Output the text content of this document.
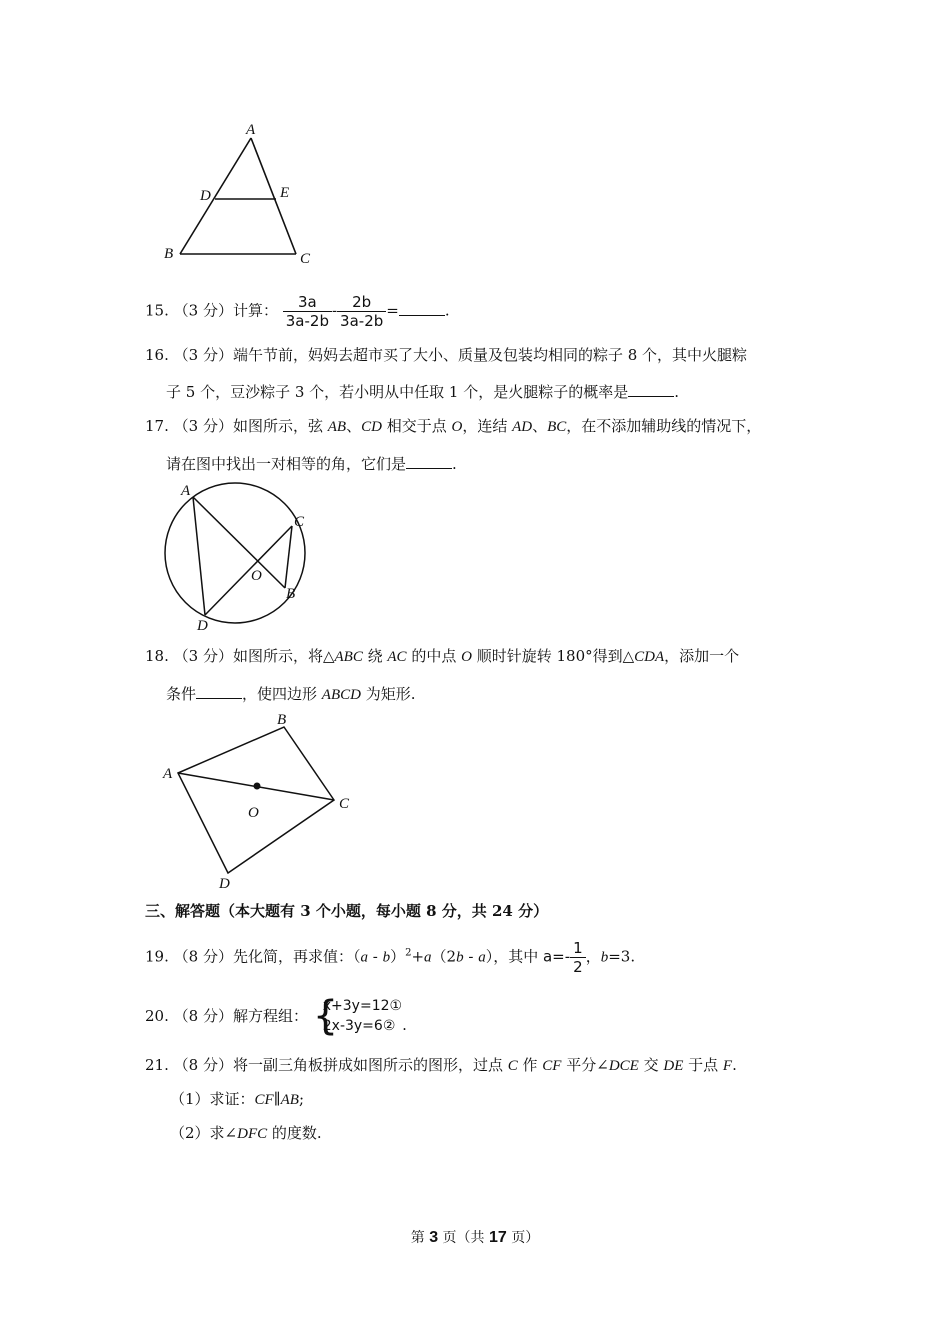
A
D	E
B	C
15. （3 分）计算： $\frac{3a}{3a-2b} - \frac{2b}{3a-2b}$ =	.
16. （3 分）端午节前，妈妈去超市买了大小、质量及包装均相同的粽子 8 个，其中火腿粽
子 5 个，豆沙粽子 3 个，若小明从中任取 1 个，是火腿粽子的概率是	.
17. （3 分）如图所示，弦 AB、CD 相交于点 O，连结 AD、BC，在不添加辅助线的情况下，
请在图中找出一对相等的角，它们是	.
A
C
O
B
D
18. （3 分）如图所示，将△ABC 绕 AC 的中点 O 顺时针旋转 180°得到△CDA，添加一个
条件	，使四边形 ABCD 为矩形.
B
A
O
C
D
三、解答题（本大题有 3 个小题，每小题 8 分，共 24 分）
19. （8 分）先化简，再求值：（a - b）$^2$+a（2b - a），其中 $a=- \frac{1}{2}$ ，b=3.
20. （8 分）解方程组： {
x+3y=12①
2x-3y=6② .
21. （8 分）将一副三角板拼成如图所示的图形，过点 C 作 CF 平分∠DCE 交 DE 于点 F.
（1）求证：CF∥AB;
（2）求∠DFC 的度数.
第 3 页（共 17 页）
